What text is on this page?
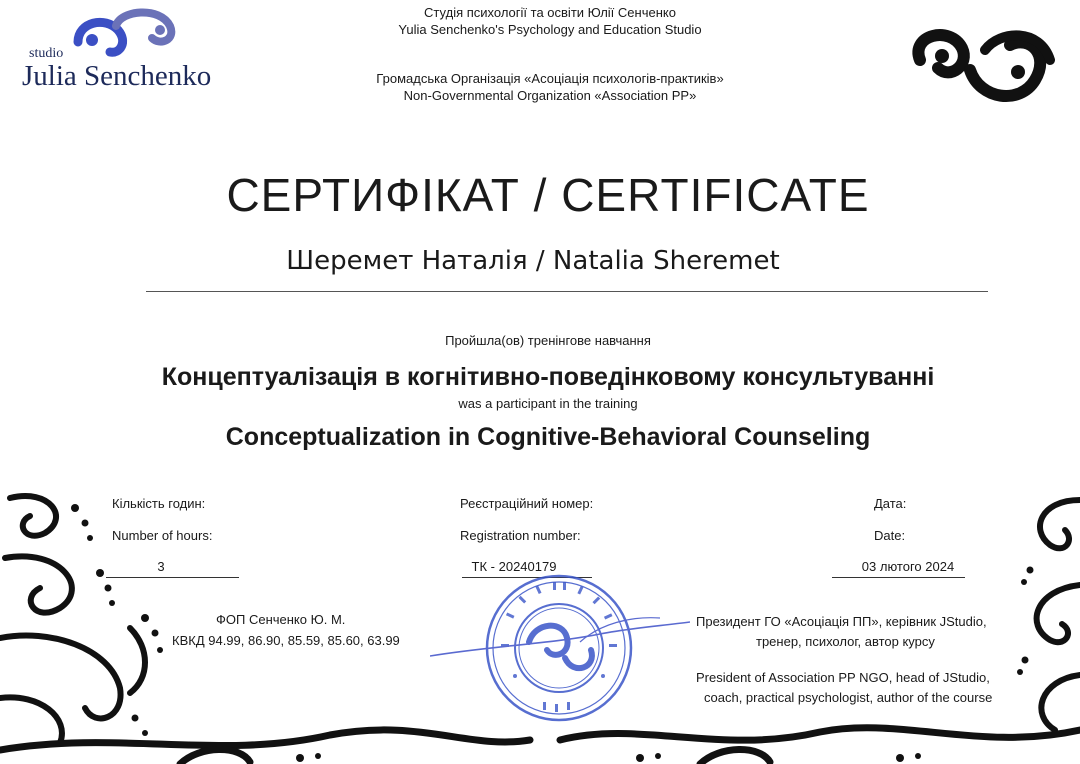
studio
Julia Senchenko
Студія психології та освіти Юлії Сенченко
Yulia Senchenko's Psychology and Education Studio
Громадська Організація «Асоціація психологів-практиків»
Non-Governmental Organization «Association PP»
СЕРТИФІКАТ / CERTIFICATE
Шеремет Наталія / Natalia Sheremet
Пройшла(ов) тренінгове навчання
Концептуалізація в когнітивно-поведінковому консультуванні
was a participant in the training
Conceptualization in Cognitive-Behavioral Counseling
Кількість годин:
Number of hours:
3
Реєстраційний номер:
Registration number:
ТК - 20240179
Дата:
Date:
03 лютого 2024
ФОП Сенченко Ю. М.
КВКД 94.99, 86.90, 85.59, 85.60, 63.99
Президент ГО «Асоціація ПП», керівник JStudio,
тренер, психолог, автор курсу
President of Association PP NGO, head of JStudio,
coach, practical psychologist, author of the course
